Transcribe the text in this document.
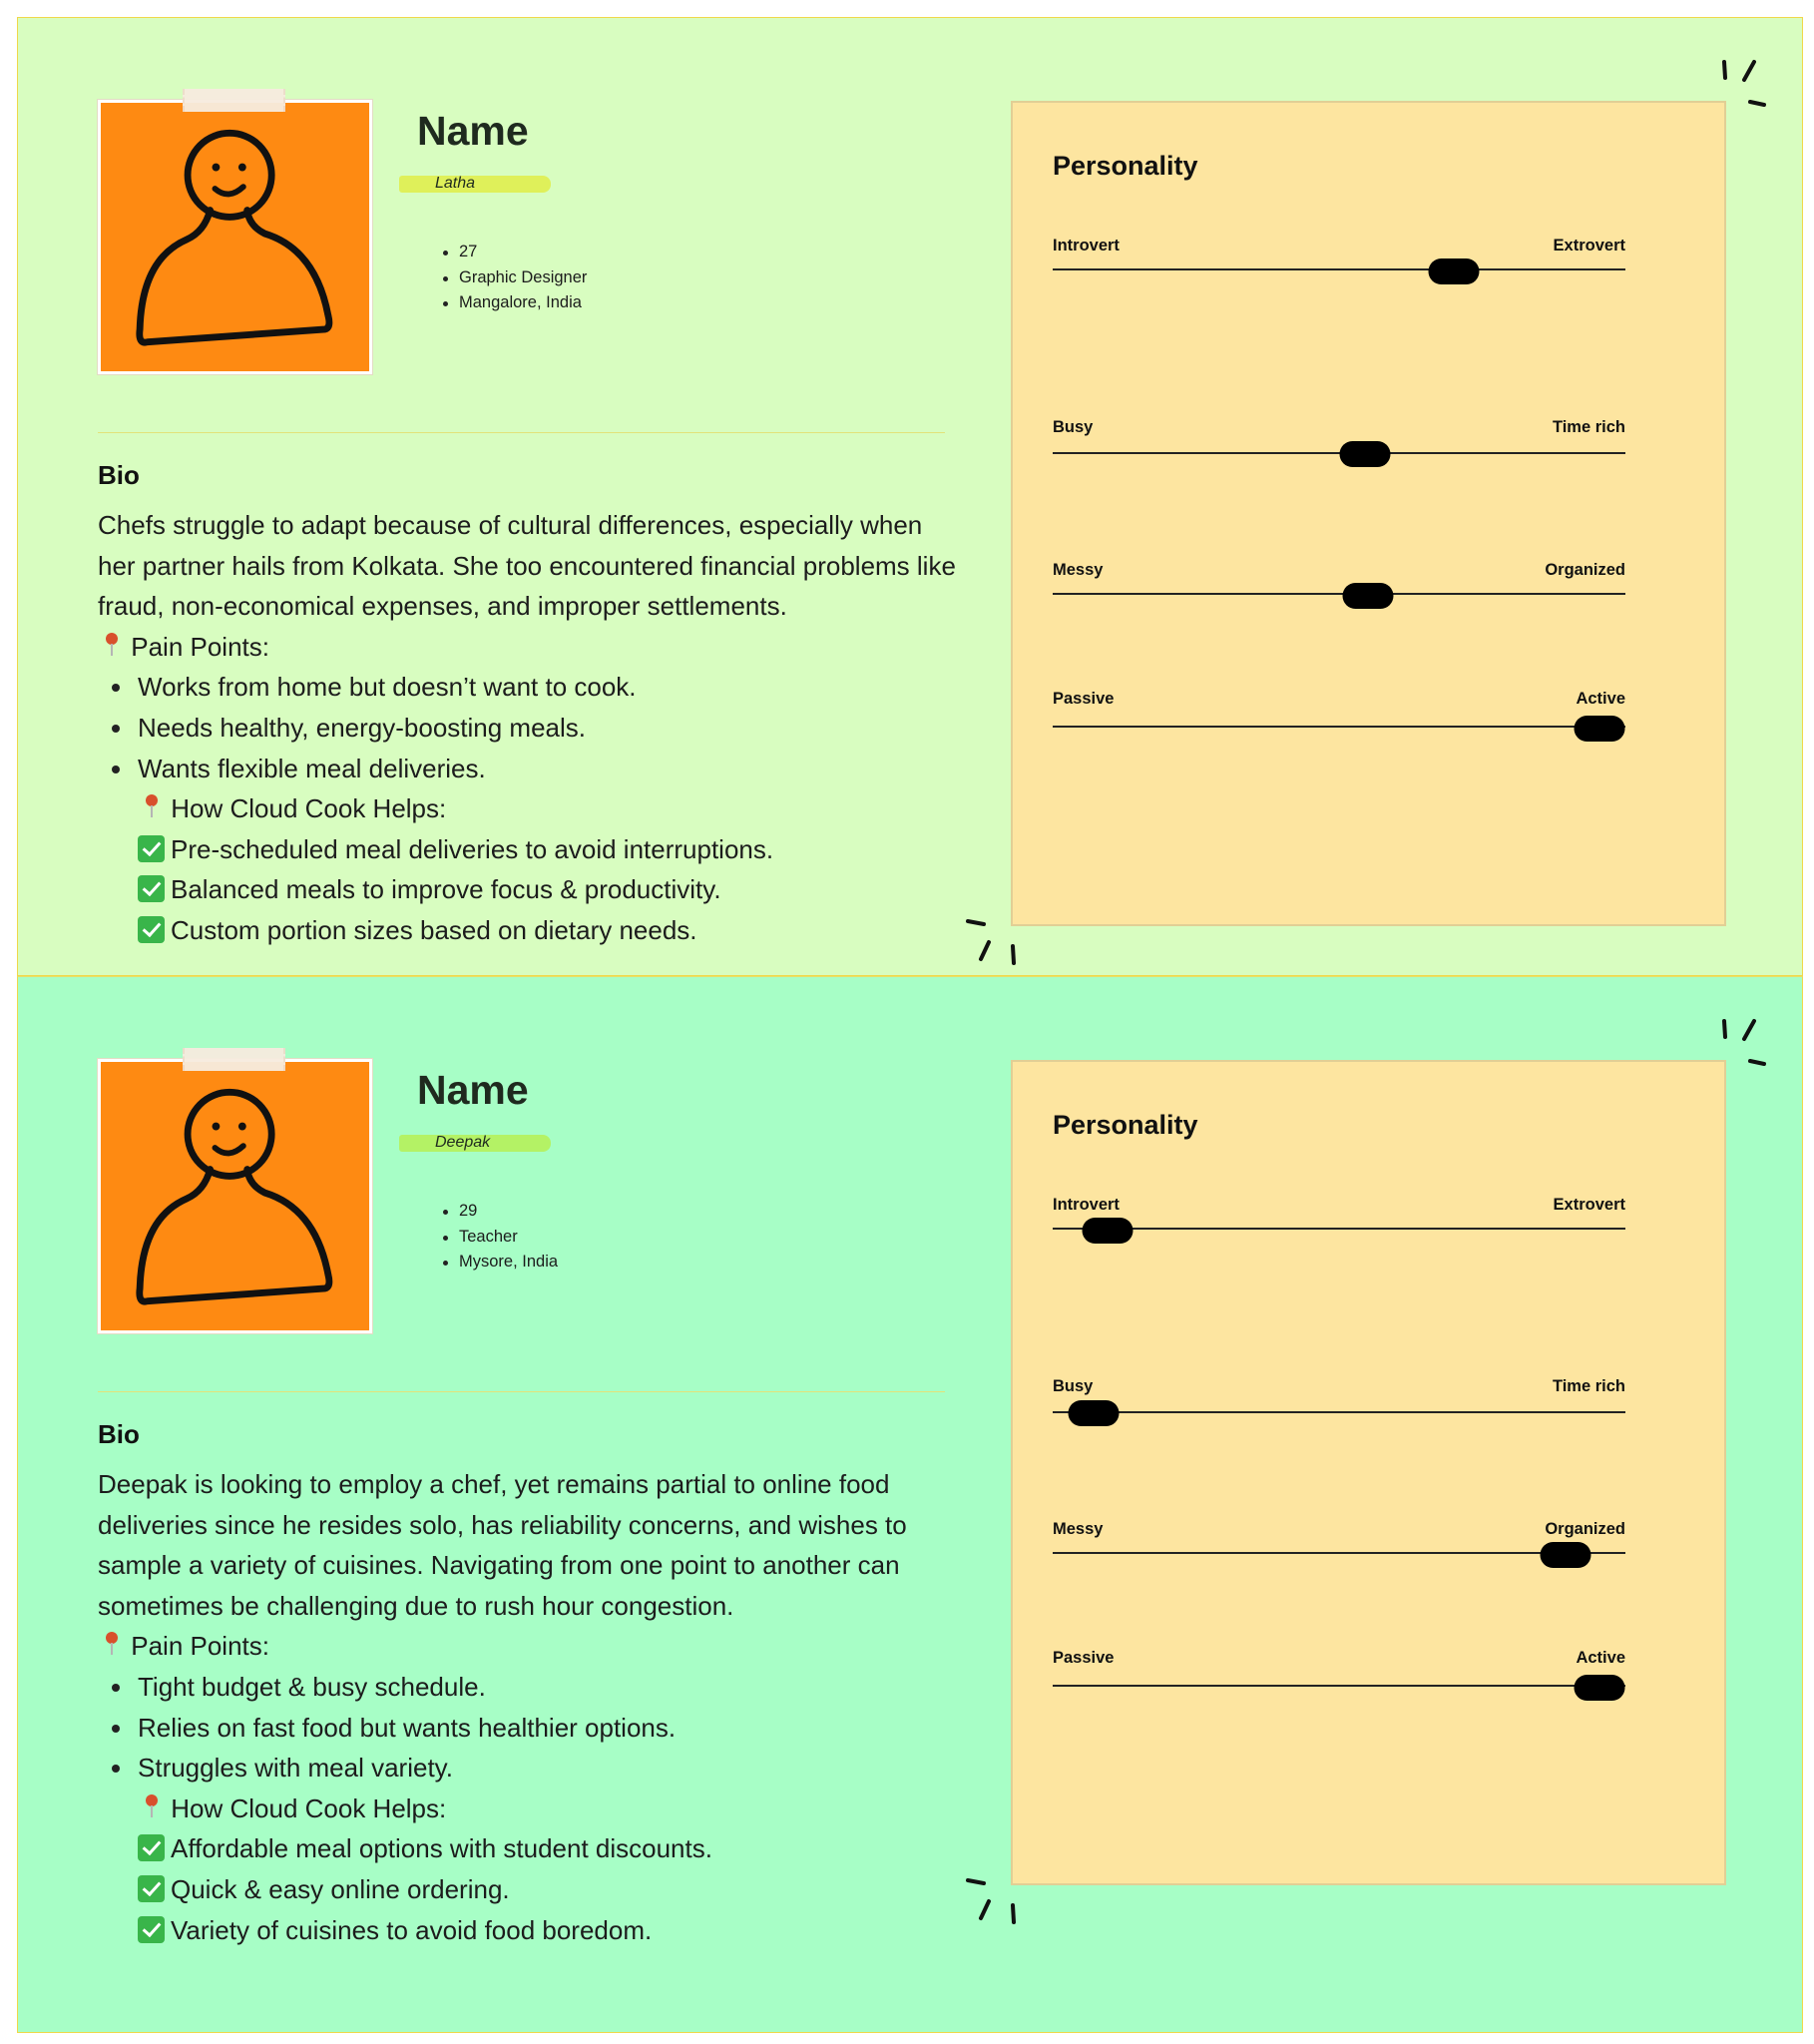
Name
Latha
27
Graphic Designer
Mangalore, India
Bio
Chefs struggle to adapt because of cultural differences, especially when her partner hails from Kolkata. She too encountered financial problems like fraud, non-economical expenses, and improper settlements.
Pain Points:
Works from home but doesn’t want to cook.
Needs healthy, energy-boosting meals.
Wants flexible meal deliveries.
How Cloud Cook Helps:
Pre-scheduled meal deliveries to avoid interruptions.
Balanced meals to improve focus & productivity.
Custom portion sizes based on dietary needs.
Personality
Introvert	Extrovert
Busy	Time rich
Messy	Organized
Passive	Active
Name
Deepak
29
Teacher
Mysore, India
Bio
Deepak is looking to employ a chef, yet remains partial to online food deliveries since he resides solo, has reliability concerns, and wishes to sample a variety of cuisines. Navigating from one point to another can sometimes be challenging due to rush hour congestion.
Pain Points:
Tight budget & busy schedule.
Relies on fast food but wants healthier options.
Struggles with meal variety.
How Cloud Cook Helps:
Affordable meal options with student discounts.
Quick & easy online ordering.
Variety of cuisines to avoid food boredom.
Personality
Introvert	Extrovert
Busy	Time rich
Messy	Organized
Passive	Active
